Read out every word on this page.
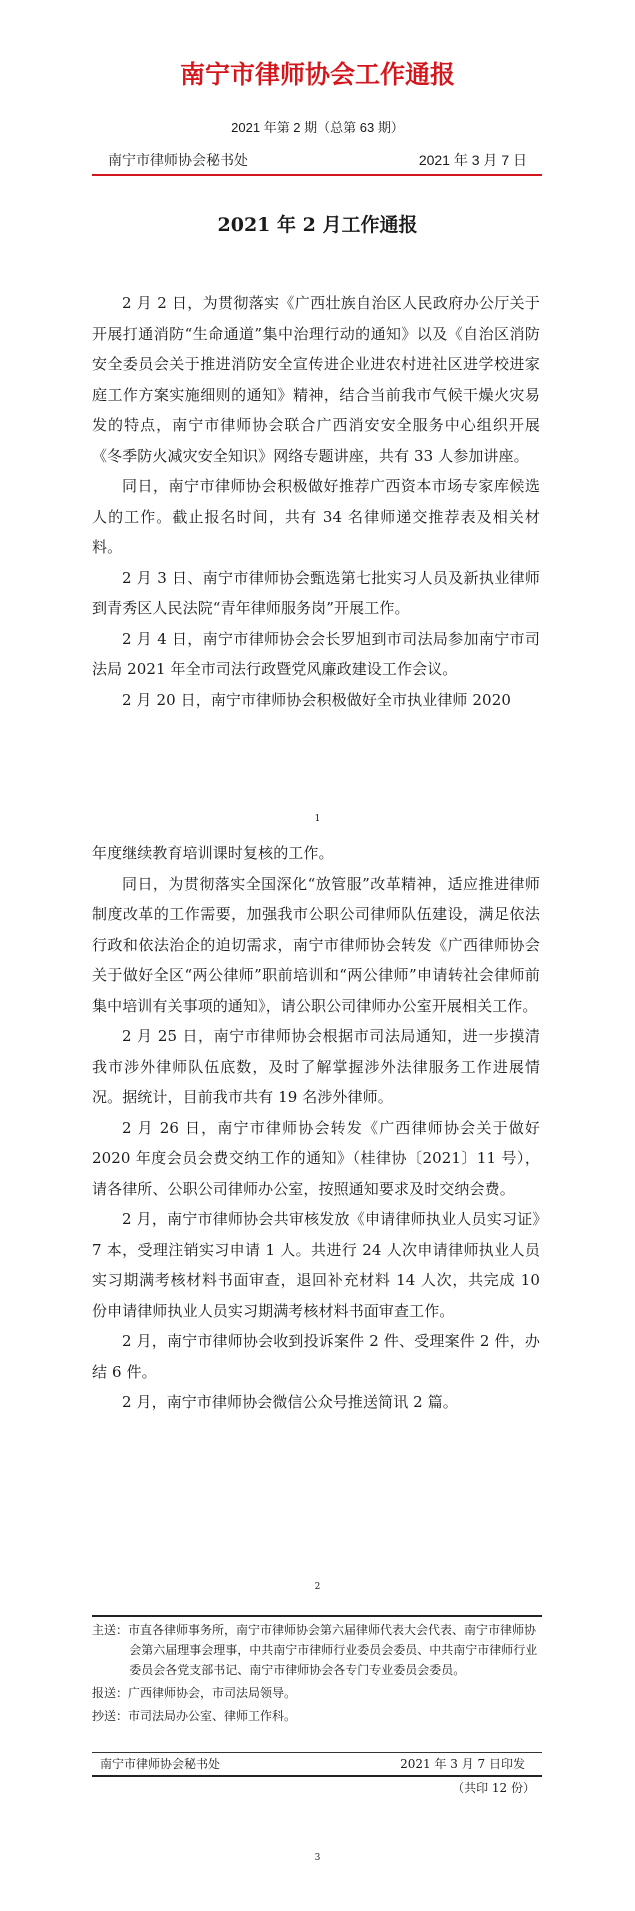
南宁市律师协会工作通报
2021 年第 2 期（总第 63 期）
南宁市律师协会秘书处	2021 年 3 月 7 日
2021 年 2 月工作通报

2 月 2 日，为贯彻落实《广西壮族自治区人民政府办公厅关于开展打通消防“生命通道”集中治理行动的通知》以及《自治区消防安全委员会关于推进消防安全宣传进企业进农村进社区进学校进家庭工作方案实施细则的通知》精神，结合当前我市气候干燥火灾易发的特点，南宁市律师协会联合广西消安安全服务中心组织开展《冬季防火减灾安全知识》网络专题讲座，共有 33 人参加讲座。

同日，南宁市律师协会积极做好推荐广西资本市场专家库候选人的工作。截止报名时间，共有 34 名律师递交推荐表及相关材料。

2 月 3 日、南宁市律师协会甄选第七批实习人员及新执业律师到青秀区人民法院“青年律师服务岗”开展工作。

2 月 4 日，南宁市律师协会会长罗旭到市司法局参加南宁市司法局 2021 年全市司法行政暨党风廉政建设工作会议。

2 月 20 日，南宁市律师协会积极做好全市执业律师 2020

1

年度继续教育培训课时复核的工作。

同日，为贯彻落实全国深化“放管服”改革精神，适应推进律师制度改革的工作需要，加强我市公职公司律师队伍建设，满足依法行政和依法治企的迫切需求，南宁市律师协会转发《广西律师协会关于做好全区“两公律师”职前培训和“两公律师”申请转社会律师前集中培训有关事项的通知》，请公职公司律师办公室开展相关工作。

2 月 25 日，南宁市律师协会根据市司法局通知，进一步摸清我市涉外律师队伍底数，及时了解掌握涉外法律服务工作进展情况。据统计，目前我市共有 19 名涉外律师。

2 月 26 日，南宁市律师协会转发《广西律师协会关于做好 2020 年度会员会费交纳工作的通知》（桂律协〔2021〕11 号），请各律所、公职公司律师办公室，按照通知要求及时交纳会费。

2 月，南宁市律师协会共审核发放《申请律师执业人员实习证》7 本，受理注销实习申请 1 人。共进行 24 人次申请律师执业人员实习期满考核材料书面审查，退回补充材料 14 人次，共完成 10 份申请律师执业人员实习期满考核材料书面审查工作。

2 月，南宁市律师协会收到投诉案件 2 件、受理案件 2 件，办结 6 件。

2 月，南宁市律师协会微信公众号推送简讯 2 篇。

2

主送：市直各律师事务所，南宁市律师协会第六届律师代表大会代表、南宁市律师协会第六届理事会理事，中共南宁市律师行业委员会委员、中共南宁市律师行业委员会各党支部书记、南宁市律师协会各专门专业委员会委员。

报送：广西律师协会，市司法局领导。

抄送：市司法局办公室、律师工作科。

南宁市律师协会秘书处	2021 年 3 月 7 日印发
（共印 12 份）
3
